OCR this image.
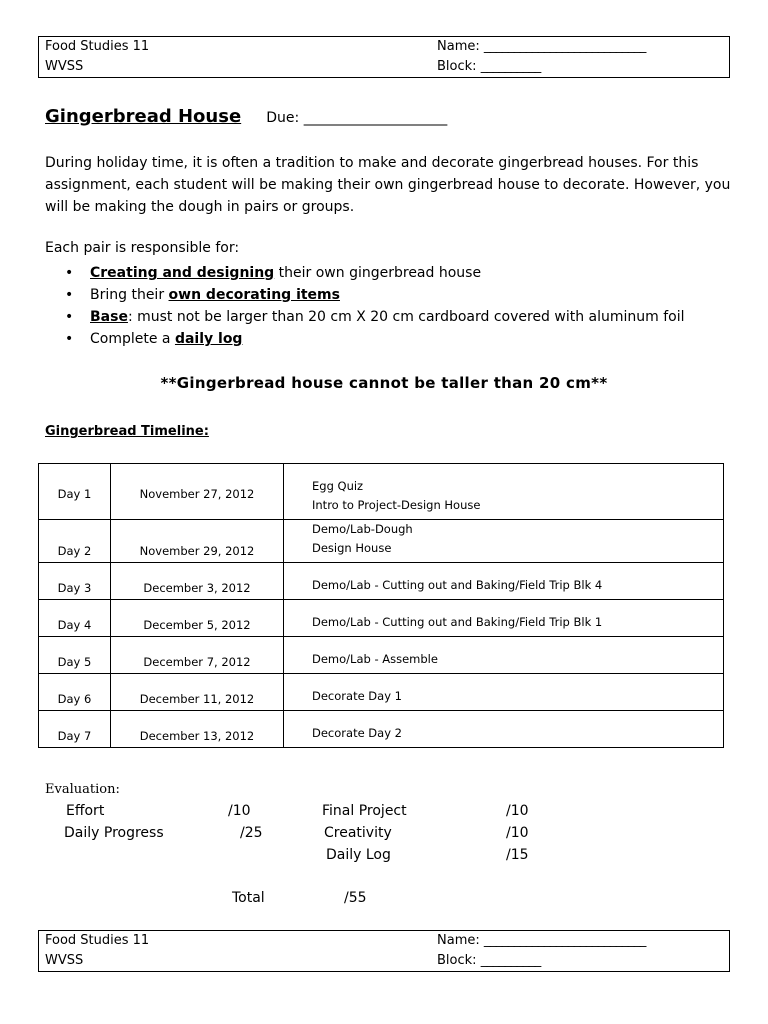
Food Studies 11
WVSS
Name: ___________________________
Block: __________
Gingerbread House Due: ______________________

During holiday time, it is often a tradition to make and decorate gingerbread houses. For this assignment, each student will be making their own gingerbread house to decorate. However, you will be making the dough in pairs or groups.

Each pair is responsible for:
• Creating and designing their own gingerbread house
• Bring their own decorating items
• Base: must not be larger than 20 cm X 20 cm cardboard covered with aluminum foil
• Complete a daily log
**Gingerbread house cannot be taller than 20 cm**
Gingerbread Timeline:
Day 1	November 27, 2012	Egg Quiz
Intro to Project-Design House

Day 2	November 29, 2012	Demo/Lab-Dough
Design House

Day 3	December 3, 2012	Demo/Lab - Cutting out and Baking/Field Trip Blk 4
Day 4	December 5, 2012	Demo/Lab - Cutting out and Baking/Field Trip Blk 1
Day 5	December 7, 2012	Demo/Lab - Assemble
Day 6	December 11, 2012	Decorate Day 1
Day 7	December 13, 2012	Decorate Day 2
Evaluation:
Effort	/10	Final Project	/10
Daily Progress	/25	Creativity	/10
Daily Log	/15
Total	/55
Food Studies 11
WVSS
Name: ___________________________
Block: __________
